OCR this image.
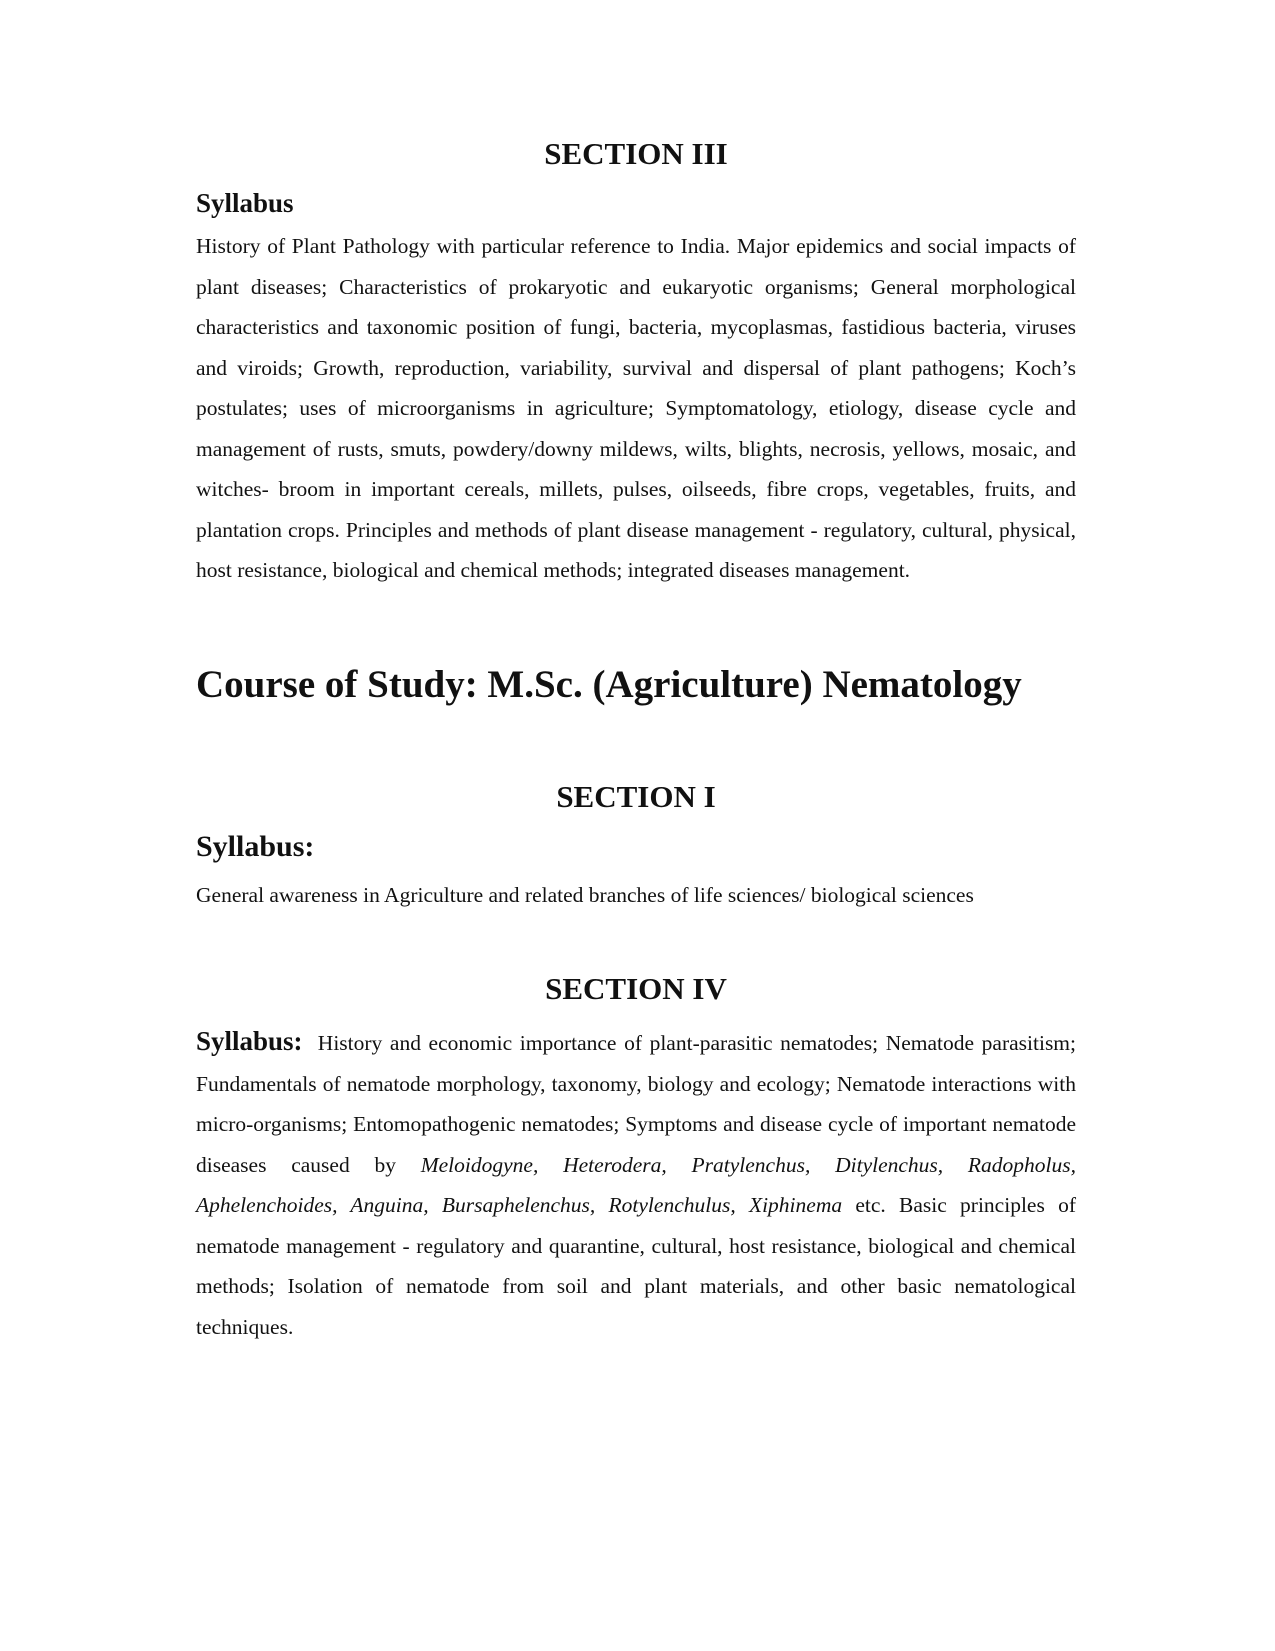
SECTION III
Syllabus

History of Plant Pathology with particular reference to India. Major epidemics and social impacts of plant diseases; Characteristics of prokaryotic and eukaryotic organisms; General morphological characteristics and taxonomic position of fungi, bacteria, mycoplasmas, fastidious bacteria, viruses and viroids; Growth, reproduction, variability, survival and dispersal of plant pathogens; Koch’s postulates; uses of microorganisms in agriculture; Symptomatology, etiology, disease cycle and management of rusts, smuts, powdery/downy mildews, wilts, blights, necrosis, yellows, mosaic, and witches- broom in important cereals, millets, pulses, oilseeds, fibre crops, vegetables, fruits, and plantation crops. Principles and methods of plant disease management - regulatory, cultural, physical, host resistance, biological and chemical methods; integrated diseases management.

Course of Study: M.Sc. (Agriculture) Nematology
SECTION I
Syllabus:

General awareness in Agriculture and related branches of life sciences/ biological sciences

SECTION IV

Syllabus: History and economic importance of plant-parasitic nematodes; Nematode parasitism; Fundamentals of nematode morphology, taxonomy, biology and ecology; Nematode interactions with micro-organisms; Entomopathogenic nematodes; Symptoms and disease cycle of important nematode diseases caused by Meloidogyne, Heterodera, Pratylenchus, Ditylenchus, Radopholus, Aphelenchoides, Anguina, Bursaphelenchus, Rotylenchulus, Xiphinema etc. Basic principles of nematode management - regulatory and quarantine, cultural, host resistance, biological and chemical methods; Isolation of nematode from soil and plant materials, and other basic nematological techniques.
